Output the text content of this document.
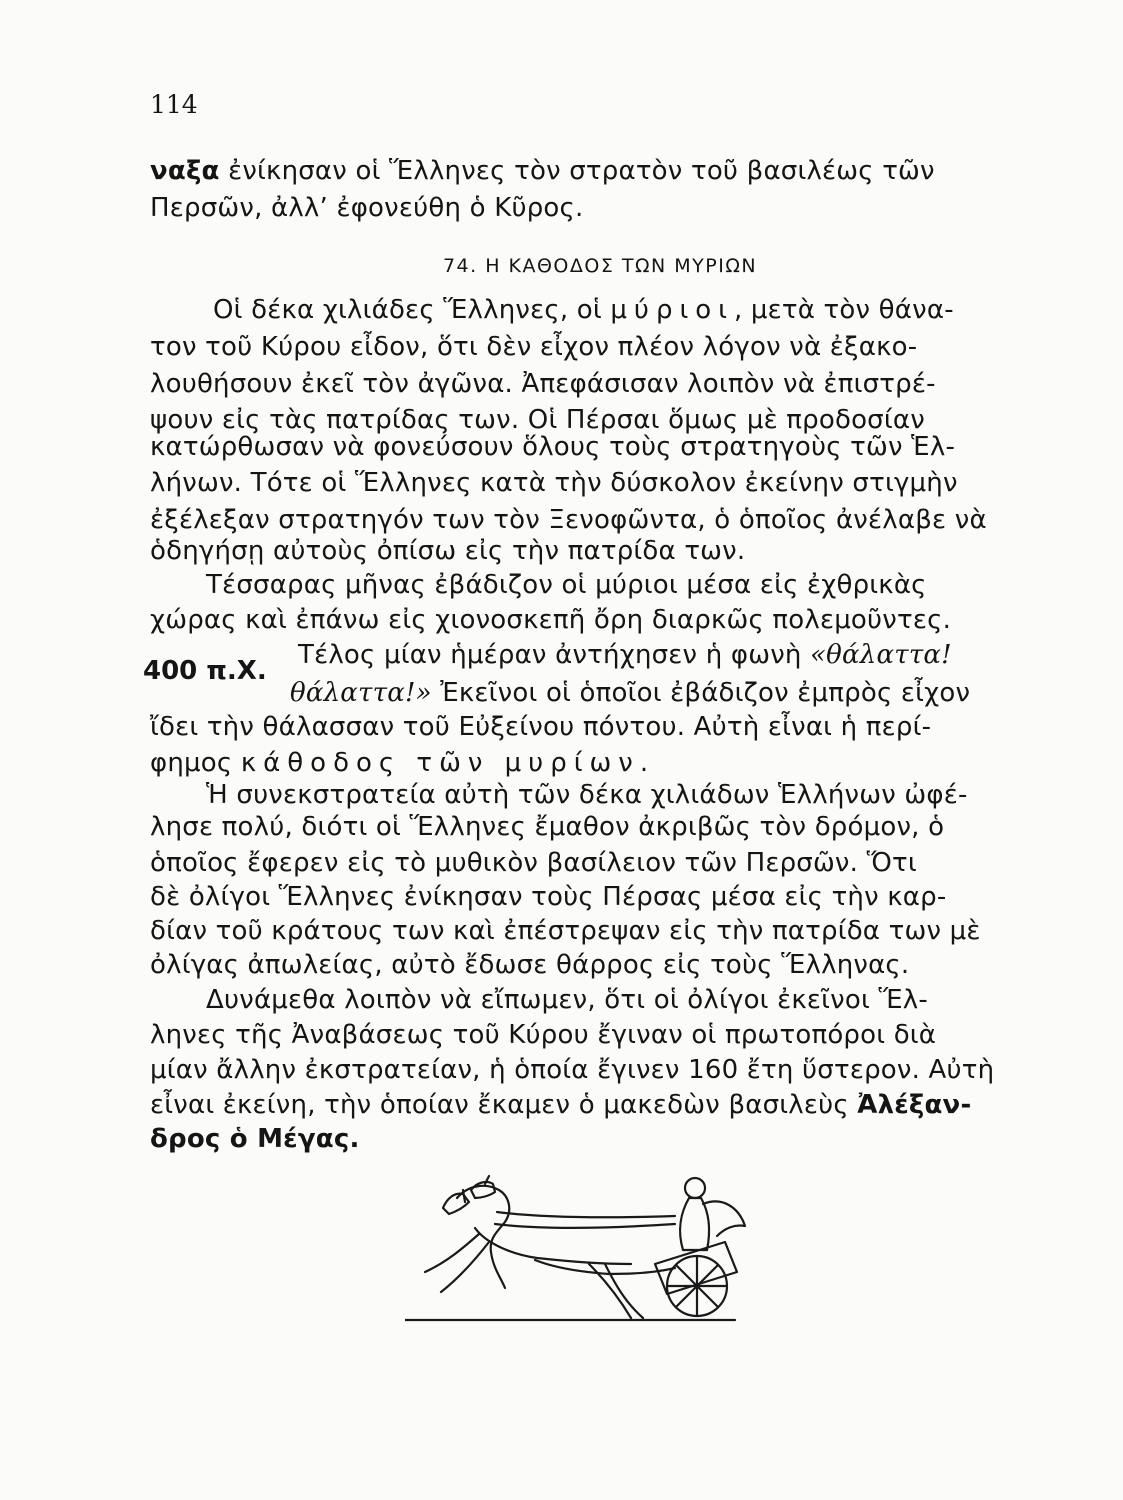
114
ναξα ἐνίκησαν οἱ Ἕλληνες τὸν στρατὸν τοῦ βασιλέως τῶν
Περσῶν, ἀλλ’ ἐφονεύθη ὁ Κῦρος.
74. Η ΚΑΘΟΔΟΣ ΤΩΝ ΜΥΡΙΩΝ
Οἱ δέκα χιλιάδες Ἕλληνες, οἱ μύριοι, μετὰ τὸν θάνα-
τον τοῦ Κύρου εἶδον, ὅτι δὲν εἶχον πλέον λόγον νὰ ἐξακο-
λουθήσουν ἐκεῖ τὸν ἀγῶνα. Ἀπεφάσισαν λοιπὸν νὰ ἐπιστρέ-
ψουν εἰς τὰς πατρίδας των. Οἱ Πέρσαι ὅμως μὲ προδοσίαν
κατώρθωσαν νὰ φονεύσουν ὅλους τοὺς στρατηγοὺς τῶν Ἑλ-
λήνων. Τότε οἱ Ἕλληνες κατὰ τὴν δύσκολον ἐκείνην στιγμὴν
ἐξέλεξαν στρατηγόν των τὸν Ξενοφῶντα, ὁ ὁποῖος ἀνέλαβε νὰ
ὁδηγήσῃ αὐτοὺς ὀπίσω εἰς τὴν πατρίδα των.
Τέσσαρας μῆνας ἐβάδιζον οἱ μύριοι μέσα εἰς ἐχθρικὰς
χώρας καὶ ἐπάνω εἰς χιονοσκεπῆ ὄρη διαρκῶς πολεμοῦντες.
400 π.Χ.
Τέλος μίαν ἡμέραν ἀντήχησεν ἡ φωνὴ «θάλαττα!
θάλαττα!» Ἐκεῖνοι οἱ ὁποῖοι ἐβάδιζον ἐμπρὸς εἶχον
ἴδει τὴν θάλασσαν τοῦ Εὐξείνου πόντου. Αὐτὴ εἶναι ἡ περί-
φημος κάθοδος τῶν μυρίων.
Ἡ συνεκστρατεία αὐτὴ τῶν δέκα χιλιάδων Ἑλλήνων ὠφέ-
λησε πολύ, διότι οἱ Ἕλληνες ἔμαθον ἀκριβῶς τὸν δρόμον, ὁ
ὁποῖος ἔφερεν εἰς τὸ μυθικὸν βασίλειον τῶν Περσῶν. Ὅτι
δὲ ὀλίγοι Ἕλληνες ἐνίκησαν τοὺς Πέρσας μέσα εἰς τὴν καρ-
δίαν τοῦ κράτους των καὶ ἐπέστρεψαν εἰς τὴν πατρίδα των μὲ
ὀλίγας ἀπωλείας, αὐτὸ ἔδωσε θάρρος εἰς τοὺς Ἕλληνας.
Δυνάμεθα λοιπὸν νὰ εἴπωμεν, ὅτι οἱ ὀλίγοι ἐκεῖνοι Ἕλ-
ληνες τῆς Ἀναβάσεως τοῦ Κύρου ἔγιναν οἱ πρωτοπόροι διὰ
μίαν ἄλλην ἐκστρατείαν, ἡ ὁποία ἔγινεν 160 ἔτη ὕστερον. Αὐτὴ
εἶναι ἐκείνη, τὴν ὁποίαν ἔκαμεν ὁ μακεδὼν βασιλεὺς Ἀλέξαν-
δρος ὁ Μέγας.
